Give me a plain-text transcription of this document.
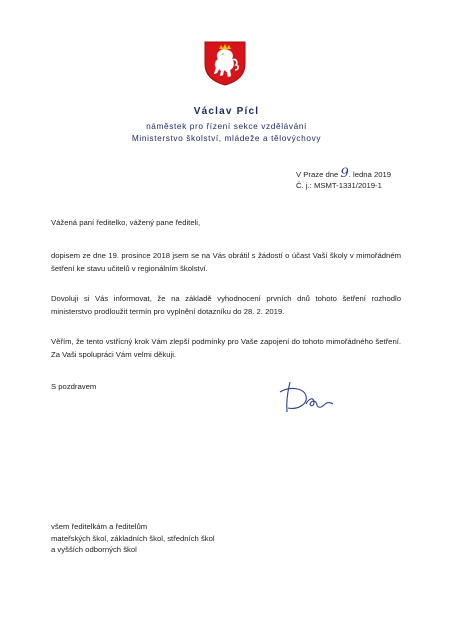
Václav Pícl
náměstek pro řízení sekce vzdělávání
Ministerstvo školství, mládeže a tělovýchovy
V Praze dne 9. ledna 2019
Č. j.: MSMT-1331/2019-1
Vážená paní ředitelko, vážený pane řediteli,
dopisem ze dne 19. prosince 2018 jsem se na Vás obrátil s žádostí o účast Vaší školy v mimořádném šetření ke stavu učitelů v regionálním školství.
Dovoluji si Vás informovat, že na základě vyhodnocení prvních dnů tohoto šetření rozhodlo ministerstvo prodloužit termín pro vyplnění dotazníku do 28. 2. 2019.
Věřím, že tento vstřícný krok Vám zlepší podmínky pro Vaše zapojení do tohoto mimořádného šetření. Za Vaši spolupráci Vám velmi děkuji.
S pozdravem
všem ředitelkám a ředitelům
mateřských škol, základních škol, středních škol
a vyšších odborných škol
